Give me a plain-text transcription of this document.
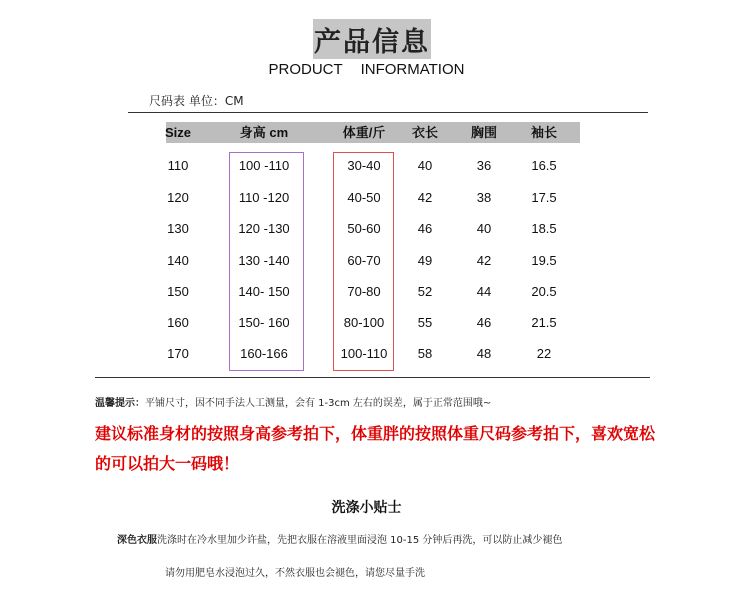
产品信息
PRODUCT INFORMATION
尺码表 单位：CM
Size	身高 cm	体重/斤	衣长	胸围	袖长
110	100 -110	30-40	40	36	16.5
120	110 -120	40-50	42	38	17.5
130	120 -130	50-60	46	40	18.5
140	130 -140	60-70	49	42	19.5
150	140- 150	70-80	52	44	20.5
160	150- 160	80-100	55	46	21.5
170	160-166	100-110	58	48	22
温馨提示：平铺尺寸，因不同手法人工测量，会有 1-3cm 左右的误差，属于正常范围哦~
建议标准身材的按照身高参考拍下，体重胖的按照体重尺码参考拍下，喜欢宽松的可以拍大一码哦！
洗涤小贴士
深色衣服洗涤时在冷水里加少许盐，先把衣服在溶液里面浸泡 10-15 分钟后再洗，可以防止减少褪色
请勿用肥皂水浸泡过久，不然衣服也会褪色，请您尽量手洗
